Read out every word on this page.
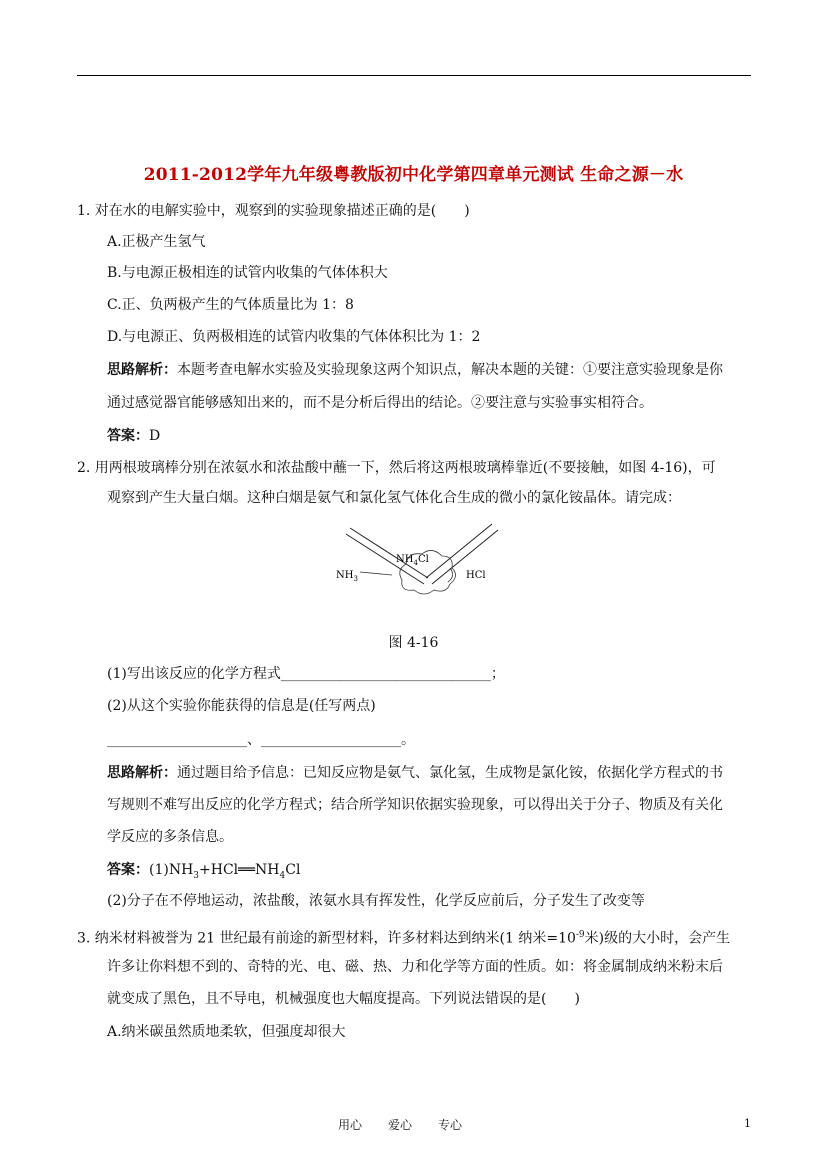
2011-2012学年九年级粤教版初中化学第四章单元测试 生命之源－水
1. 对在水的电解实验中，观察到的实验现象描述正确的是(　　)
A.正极产生氢气
B.与电源正极相连的试管内收集的气体体积大
C.正、负两极产生的气体质量比为 1：8
D.与电源正、负两极相连的试管内收集的气体体积比为 1：2
思路解析：本题考查电解水实验及实验现象这两个知识点，解决本题的关键：①要注意实验现象是你
通过感觉器官能够感知出来的，而不是分析后得出的结论。②要注意与实验事实相符合。
答案：D
2. 用两根玻璃棒分别在浓氨水和浓盐酸中蘸一下，然后将这两根玻璃棒靠近(不要接触，如图 4-16)，可
观察到产生大量白烟。这种白烟是氨气和氯化氢气体化合生成的微小的氯化铵晶体。请完成：
$NH_4Cl$
$NH_3$	HCl
图 4-16
(1)写出该反应的化学方程式______________________________；
(2)从这个实验你能获得的信息是(任写两点)
____________________、____________________。
思路解析：通过题目给予信息：已知反应物是氨气、氯化氢，生成物是氯化铵，依据化学方程式的书
写规则不难写出反应的化学方程式；结合所学知识依据实验现象，可以得出关于分子、物质及有关化
学反应的多条信息。
答案：$(1)NH_3+HCl══NH_4Cl$
(2)分子在不停地运动，浓盐酸，浓氨水具有挥发性，化学反应前后，分子发生了改变等
3. 纳米材料被誉为 21 世纪最有前途的新型材料，许多材料达到纳米(1 纳米$=10^{-9}$米)级的大小时，会产生
许多让你料想不到的、奇特的光、电、磁、热、力和化学等方面的性质。如：将金属制成纳米粉末后
就变成了黑色，且不导电，机械强度也大幅度提高。下列说法错误的是(　　)
A.纳米碳虽然质地柔软，但强度却很大
用心 爱心 专心	1
